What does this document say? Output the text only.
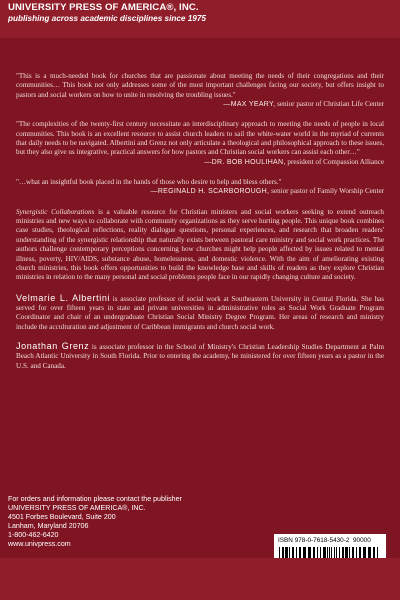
UNIVERSITY PRESS OF AMERICA®, INC.
publishing across academic disciplines since 1975

"This is a much-needed book for churches that are passionate about meeting the needs of their congregations and their communities… This book not only addresses some of the most important challenges facing our society, but offers insight to pastors and social workers on how to unite in resolving the troubling issues."

—MAX YEARY, senior pastor of Christian Life Center

"The complexities of the twenty-first century necessitate an interdisciplinary approach to meeting the needs of people in local communities. This book is an excellent resource to assist church leaders to sail the white-water world in the myriad of currents that daily needs to be navigated. Albertini and Grenz not only articulate a theological and philosophical approach to these issues, but they also give us integrative, practical answers for how pastors and Christian social workers can assist each other…"

—DR. BOB HOULIHAN, president of Compassion Alliance

"…what an insightful book placed in the hands of those who desire to help and bless others."

—REGINALD H. SCARBOROUGH, senior pastor of Family Worship Center

Synergistic Collaborations is a valuable resource for Christian ministers and social workers seeking to extend outreach ministries and new ways to collaborate with community organizations as they serve hurting people. This unique book combines case studies, theological reflections, reality dialogue questions, personal experiences, and research that broaden readers' understanding of the synergistic relationship that naturally exists between pastoral care ministry and social work practices. The authors challenge contemporary perceptions concerning how churches might help people affected by issues related to mental illness, poverty, HIV/AIDS, substance abuse, homelessness, and domestic violence. With the aim of ameliorating existing church ministries, this book offers opportunities to build the knowledge base and skills of readers as they explore Christian ministries in relation to the many personal and social problems people face in our rapidly changing culture and society.

Velmarie L. Albertini is associate professor of social work at Southeastern University in Central Florida. She has served for over fifteen years in state and private universities in administrative roles as Social Work Graduate Program Coordinator and chair of an undergraduate Christian Social Ministry Degree Program. Her areas of research and ministry include the acculturation and adjustment of Caribbean immigrants and church social work.

Jonathan Grenz is associate professor in the School of Ministry's Christian Leadership Studies Department at Palm Beach Atlantic University in South Florida. Prior to entering the academy, he ministered for over fifteen years as a pastor in the U.S. and Canada.

ISBN 978-0-7618-5430-2 90000
For orders and information please contact the publisher
UNIVERSITY PRESS OF AMERICA®, INC.
4501 Forbes Boulevard, Suite 200
Lanham, Maryland 20706
1-800-462-6420
www.univpress.com
